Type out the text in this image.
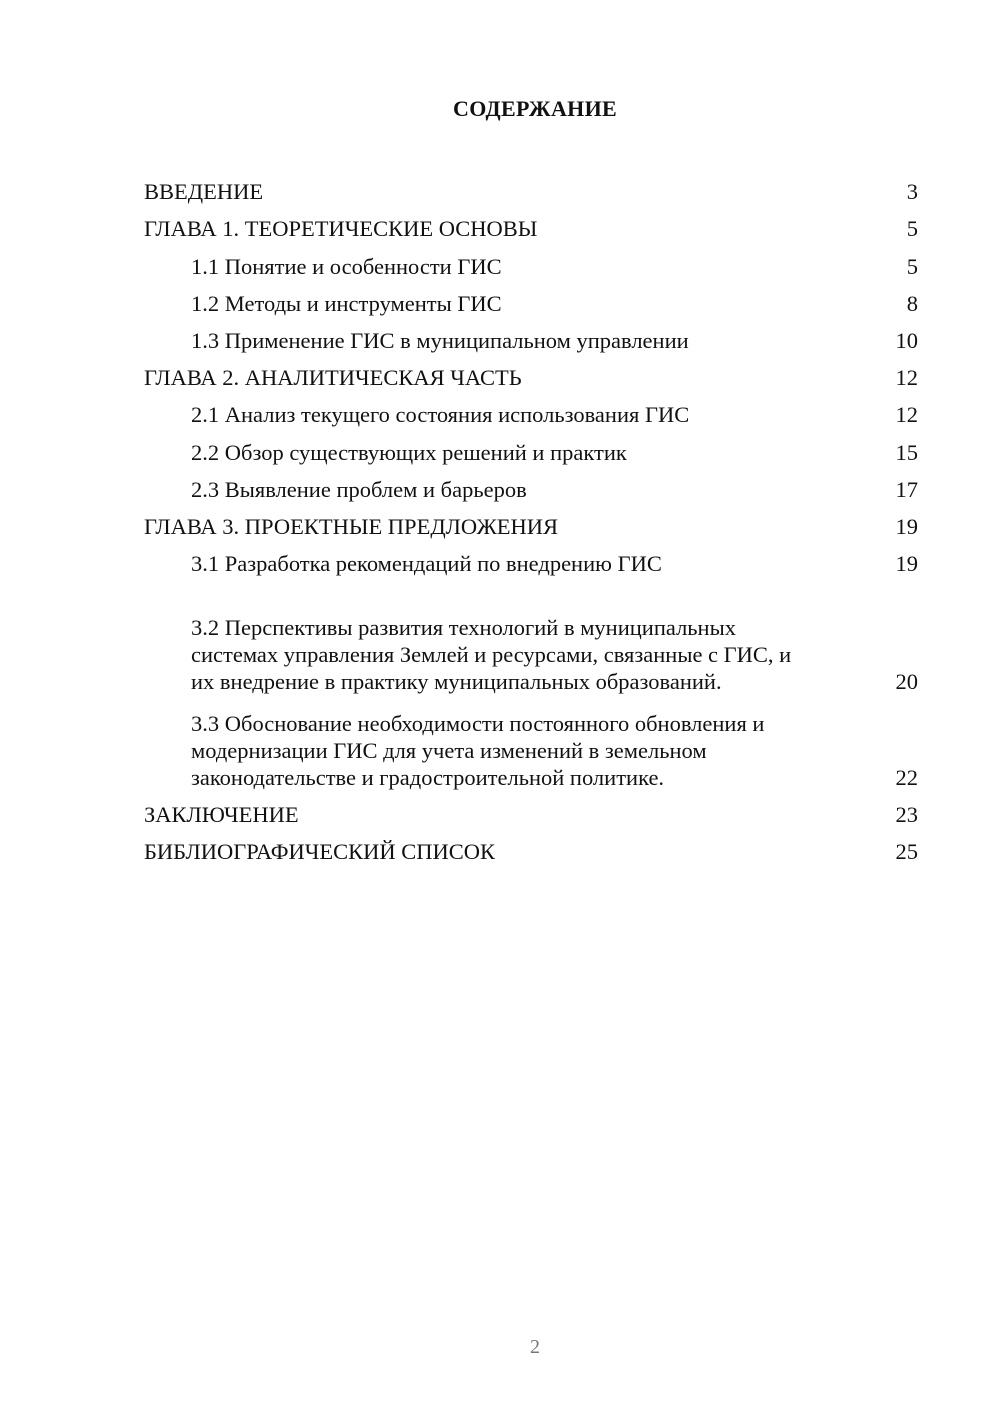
СОДЕРЖАНИЕ
ВВЕДЕНИЕ	3
ГЛАВА 1. ТЕОРЕТИЧЕСКИЕ ОСНОВЫ	5
1.1 Понятие и особенности ГИС	5
1.2 Методы и инструменты ГИС	8
1.3 Применение ГИС в муниципальном управлении	10
ГЛАВА 2. АНАЛИТИЧЕСКАЯ ЧАСТЬ	12
2.1 Анализ текущего состояния использования ГИС	12
2.2 Обзор существующих решений и практик	15
2.3 Выявление проблем и барьеров	17
ГЛАВА 3. ПРОЕКТНЫЕ ПРЕДЛОЖЕНИЯ	19
3.1 Разработка рекомендаций по внедрению ГИС	19
3.2 Перспективы развития технологий в муниципальных системах управления Землей и ресурсами, связанные с ГИС, и их внедрение в практику муниципальных образований.	20
3.3 Обоснование необходимости постоянного обновления и модернизации ГИС для учета изменений в земельном законодательстве и градостроительной политике.	22
ЗАКЛЮЧЕНИЕ	23
БИБЛИОГРАФИЧЕСКИЙ СПИСОК	25
2
